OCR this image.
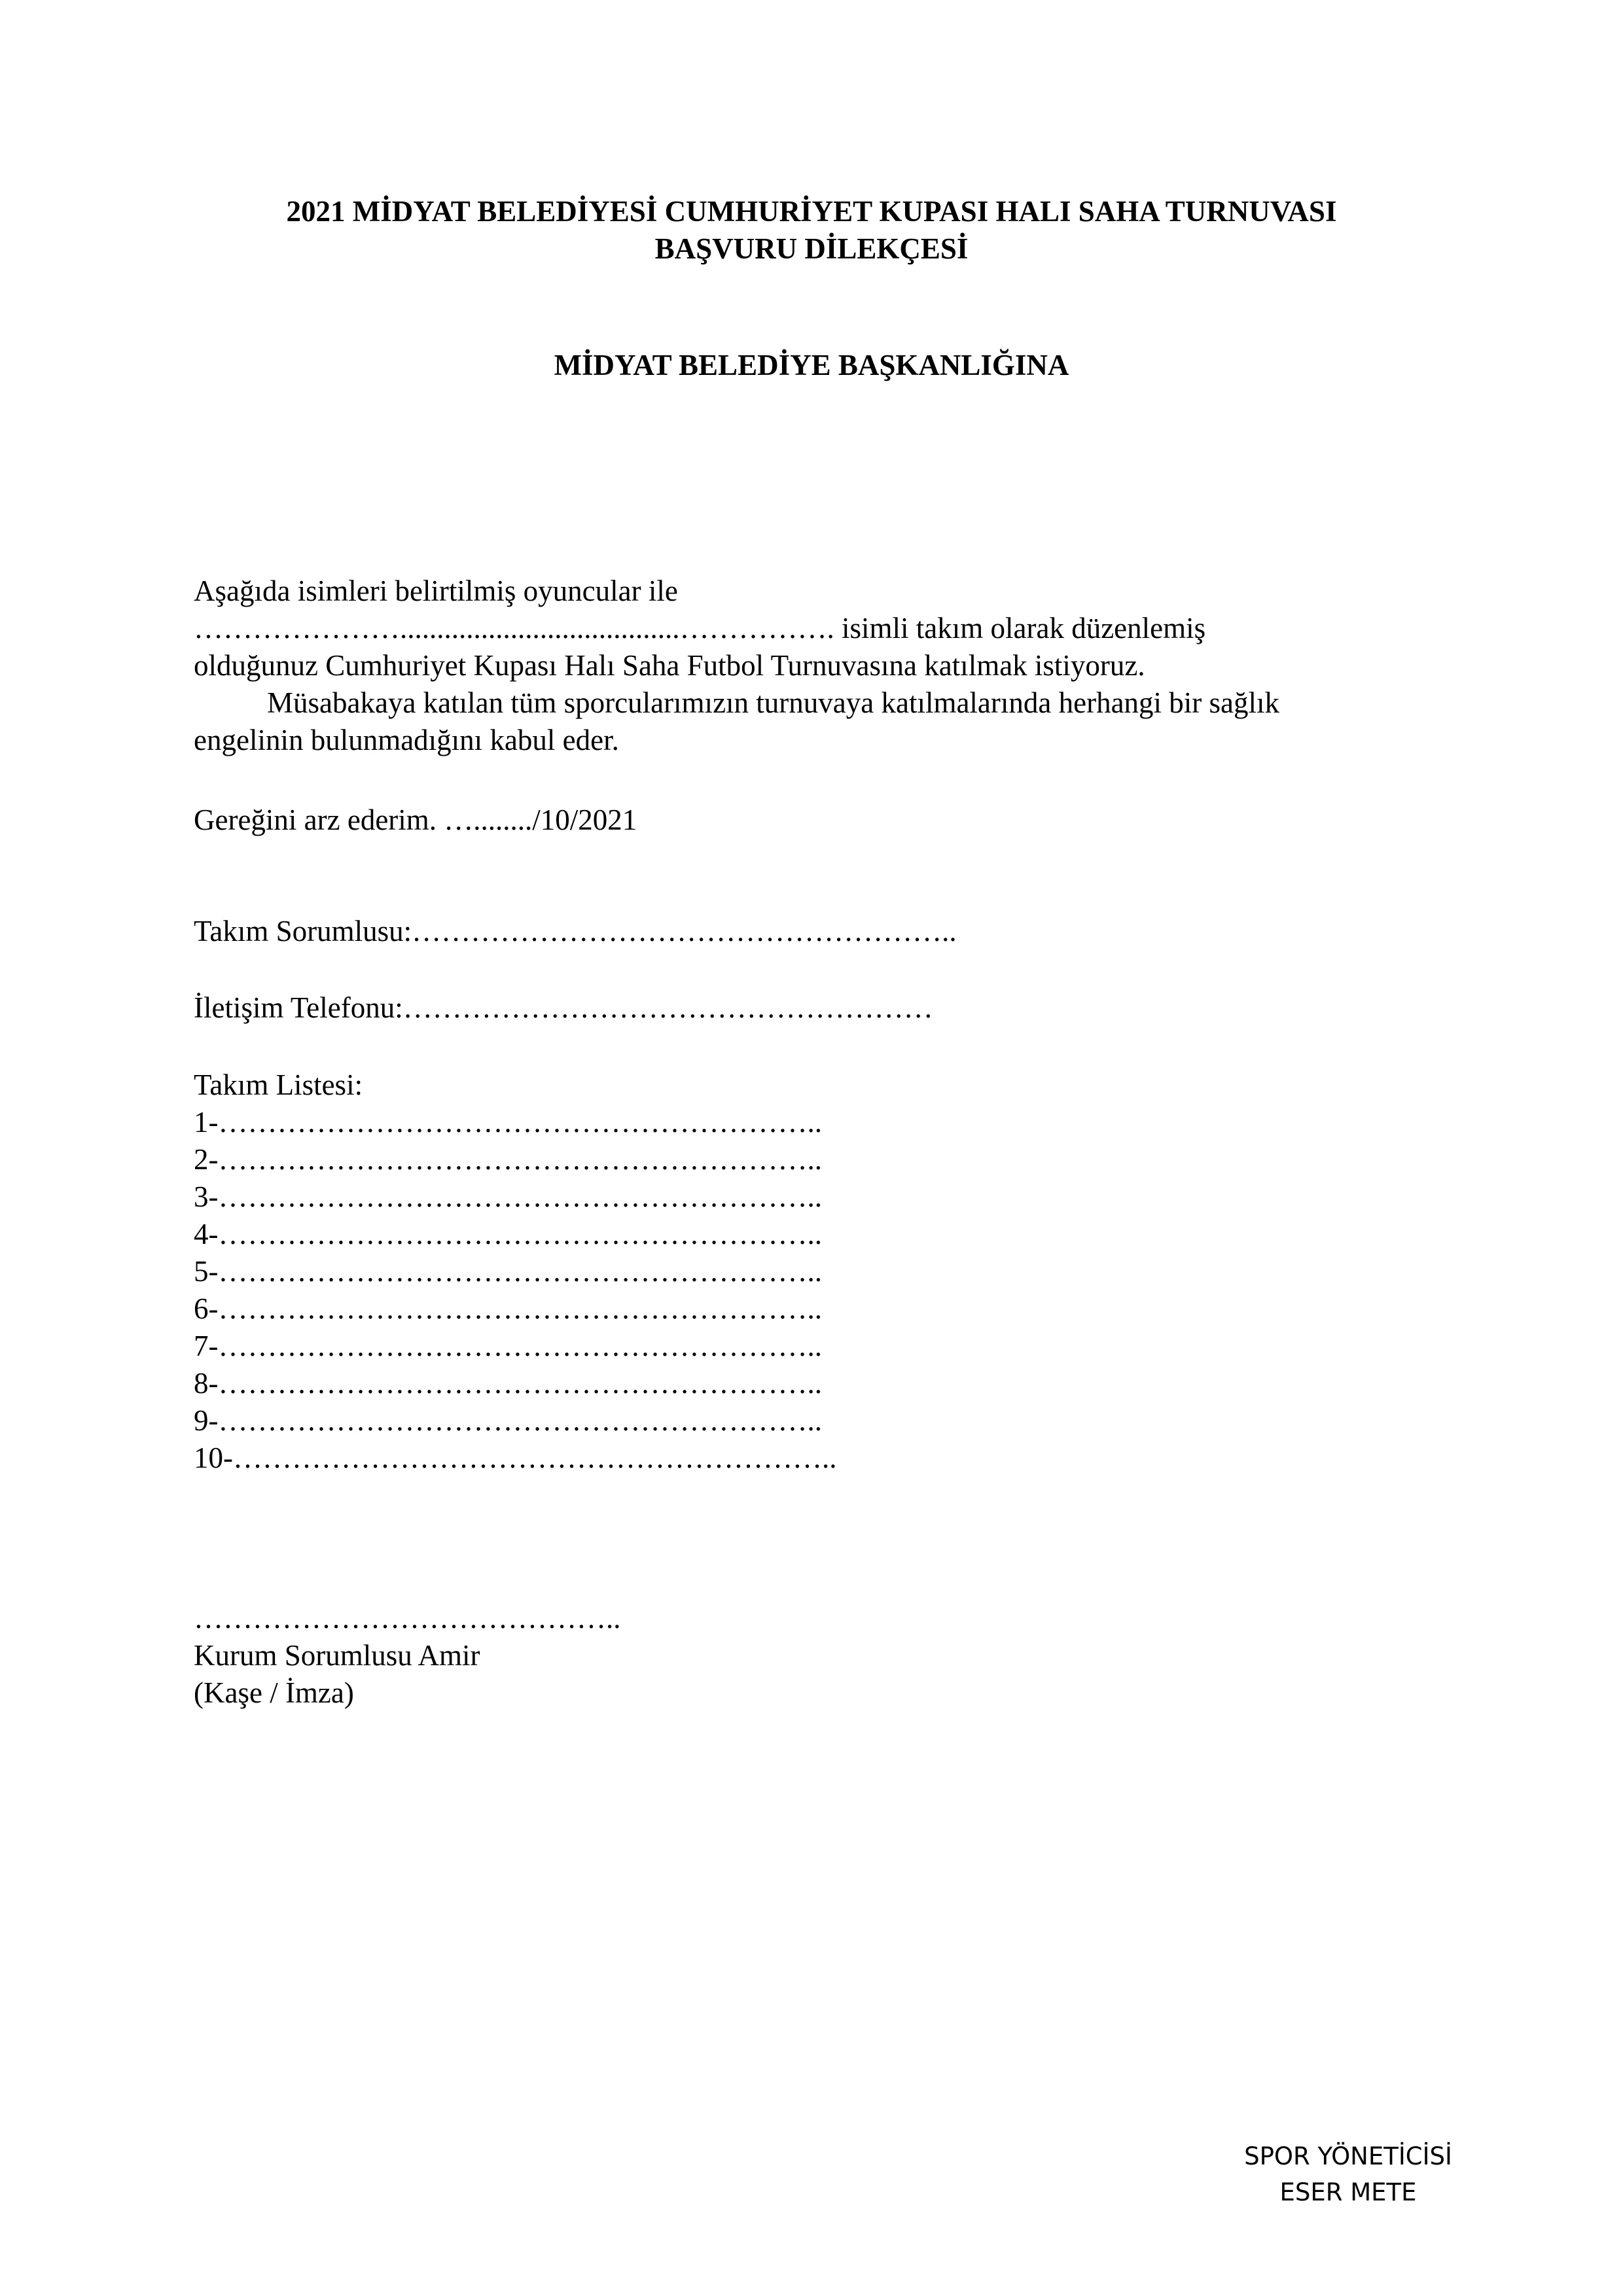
2021 MİDYAT BELEDİYESİ CUMHURİYET KUPASI HALI SAHA TURNUVASI
BAŞVURU DİLEKÇESİ
MİDYAT BELEDİYE BAŞKANLIĞINA
Aşağıda isimleri belirtilmiş oyuncular ile
…………………......................................……………. isimli takım olarak düzenlemiş
olduğunuz Cumhuriyet Kupası Halı Saha Futbol Turnuvasına katılmak istiyoruz.
Müsabakaya katılan tüm sporcularımızın turnuvaya katılmalarında herhangi bir sağlık
engelinin bulunmadığını kabul eder.
Gereğini arz ederim. …......../10/2021
Takım Sorumlusu:………………………………………………..
İletişim Telefonu:………………………………………………
Takım Listesi:
1-……………………………………………………..
2-……………………………………………………..
3-……………………………………………………..
4-……………………………………………………..
5-……………………………………………………..
6-……………………………………………………..
7-……………………………………………………..
8-……………………………………………………..
9-……………………………………………………..
10-……………………………………………………..
……………………………………..
Kurum Sorumlusu Amir
(Kaşe / İmza)
SPOR YÖNETİCİSİ
ESER METE
